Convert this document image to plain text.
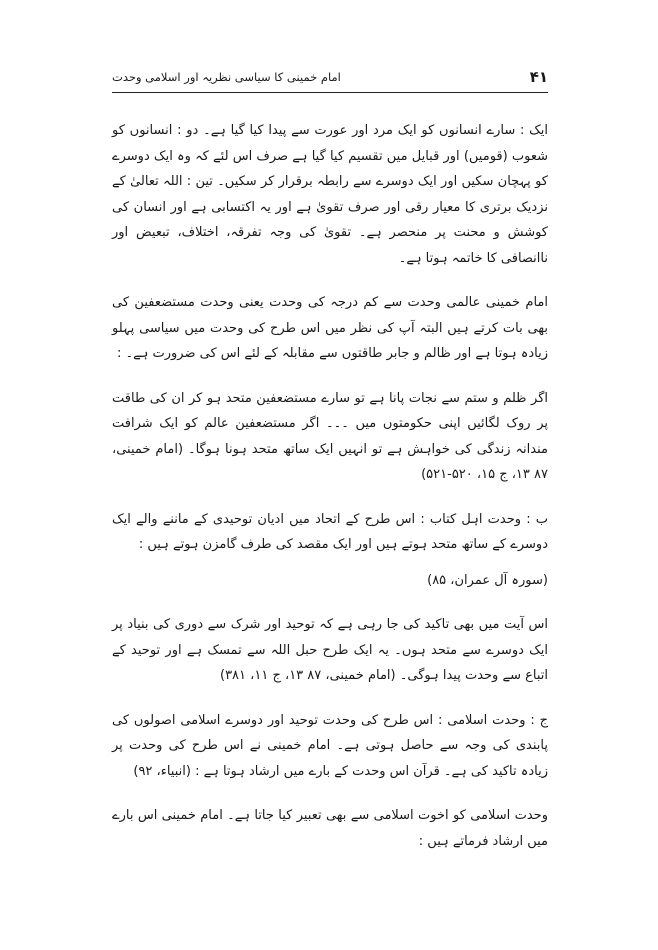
۴۱
امام خمینی کا سیاسی نظریہ اور اسلامی وحدت

ایک : سارے انسانوں کو ایک مرد اور عورت سے پیدا کیا گیا ہے۔ دو : انسانوں کو شعوب (قومیں) اور قبایل میں تقسیم کیا گیا ہے صرف اس لئے کہ وہ ایک دوسرے کو پہچان سکیں اور ایک دوسرے سے رابطہ برقرار کر سکیں۔ تین : اللہ تعالیٰ کے نزدیک برتری کا معیار رقی اور صرف تقویٰ ہے اور یہ اکتسابی ہے اور انسان کی کوشش و محنت پر منحصر ہے۔ تقویٰ کی وجہ تفرقہ، اختلاف، تبعیض اور ناانصافی کا خاتمہ ہوتا ہے۔

امام خمینی عالمی وحدت سے کم درجہ کی وحدت یعنی وحدت مستضعفین کی بھی بات کرتے ہیں البتہ آپ کی نظر میں اس طرح کی وحدت میں سیاسی پہلو زیادہ ہوتا ہے اور ظالم و جابر طاقتوں سے مقابلہ کے لئے اس کی ضرورت ہے۔ :

اگر ظلم و ستم سے نجات پانا ہے تو سارے مستضعفین متحد ہو کر ان کی طاقت پر روک لگائیں اپنی حکومتوں میں ۔۔۔ اگر مستضعفین عالم کو ایک شرافت مندانہ زندگی کی خواہش ہے تو انہیں ایک ساتھ متحد ہونا ہوگا۔ (امام خمینی، ۸۷ ۱۳، ج ۱۵، ۵۲۰-۵۲۱)

ب : وحدت اہل کتاب : اس طرح کے اتحاد میں ادیان توحیدی کے ماننے والے ایک دوسرے کے ساتھ متحد ہوتے ہیں اور ایک مقصد کی طرف گامزن ہوتے ہیں :

(سورہ آل عمران، ۸۵)

اس آیت میں بھی تاکید کی جا رہی ہے کہ توحید اور شرک سے دوری کی بنیاد پر ایک دوسرے سے متحد ہوں۔ یہ ایک طرح حبل اللہ سے تمسک ہے اور توحید کے اتباع سے وحدت پیدا ہوگی۔ (امام خمینی، ۸۷ ۱۳، ج ۱۱، ۳۸۱)

ج : وحدت اسلامی : اس طرح کی وحدت توحید اور دوسرے اسلامی اصولوں کی پابندی کی وجہ سے حاصل ہوتی ہے۔ امام خمینی نے اس طرح کی وحدت پر زیادہ تاکید کی ہے۔ قرآن اس وحدت کے بارے میں ارشاد ہوتا ہے : (انبیاء، ۹۲)

وحدت اسلامی کو اخوت اسلامی سے بھی تعبیر کیا جاتا ہے۔ امام خمینی اس بارے میں ارشاد فرماتے ہیں :
